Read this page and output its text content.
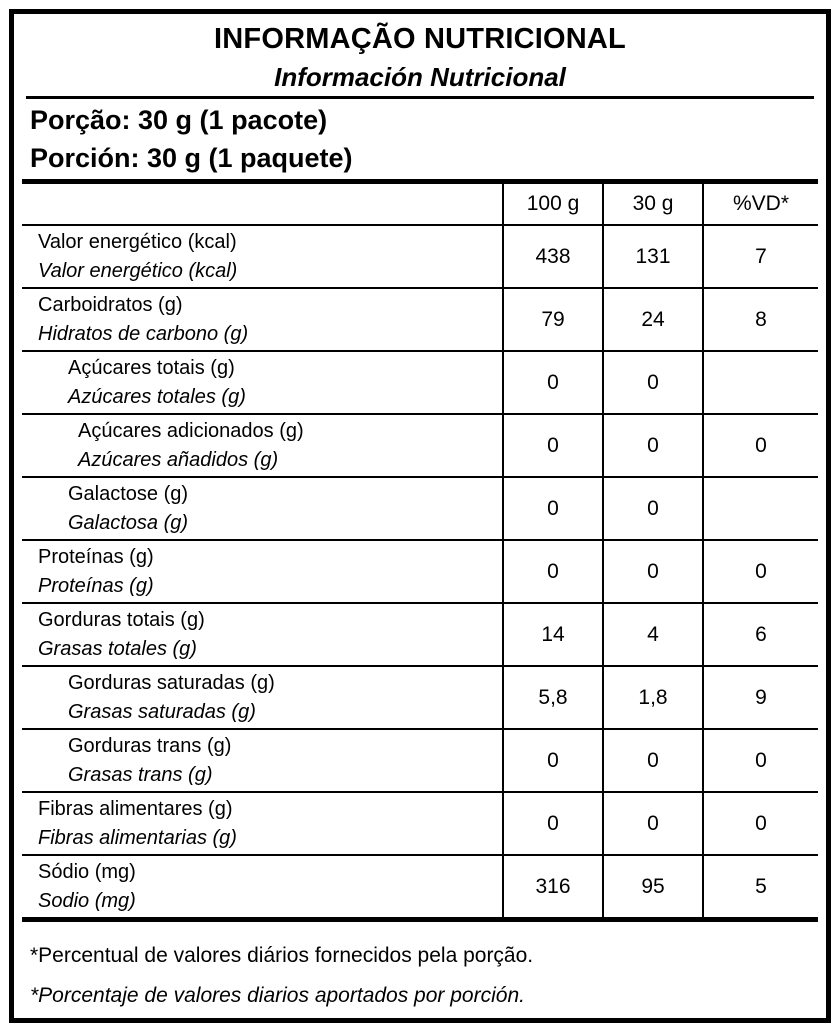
INFORMAÇÃO NUTRICIONAL
Información Nutricional
Porção: 30 g (1 pacote)
Porción: 30 g (1 paquete)
100 g	30 g	%VD*
Valor energético (kcal)
Valor energético (kcal)
438	131	7
Carboidratos (g)
Hidratos de carbono (g)
79	24	8
Açúcares totais (g)
Azúcares totales (g)
0	0
Açúcares adicionados (g)
Azúcares añadidos (g)
0	0	0
Galactose (g)
Galactosa (g)
0	0
Proteínas (g)
Proteínas (g)
0	0	0
Gorduras totais (g)
Grasas totales (g)
14	4	6
Gorduras saturadas (g)
Grasas saturadas (g)
5,8	1,8	9
Gorduras trans (g)
Grasas trans (g)
0	0	0
Fibras alimentares (g)
Fibras alimentarias (g)
0	0	0
Sódio (mg)
Sodio (mg)
316	95	5
*Percentual de valores diários fornecidos pela porção.
*Porcentaje de valores diarios aportados por porción.
